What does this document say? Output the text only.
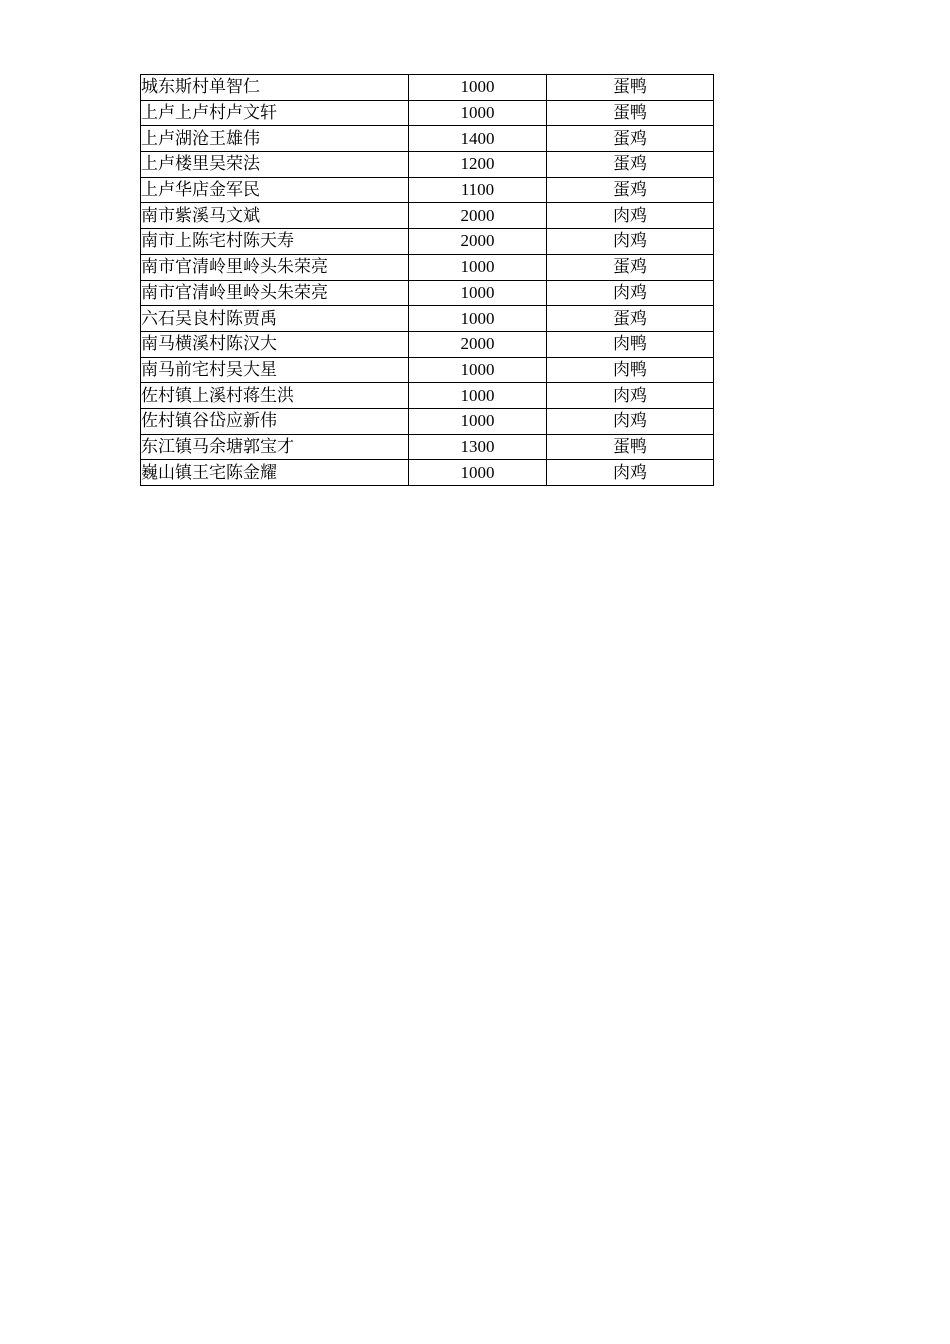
城东斯村单智仁	1000	蛋鸭
上卢上卢村卢文轩	1000	蛋鸭
上卢湖沧王雄伟	1400	蛋鸡
上卢楼里吴荣法	1200	蛋鸡
上卢华店金军民	1100	蛋鸡
南市紫溪马文斌	2000	肉鸡
南市上陈宅村陈天寿	2000	肉鸡
南市官清岭里岭头朱荣亮	1000	蛋鸡
南市官清岭里岭头朱荣亮	1000	肉鸡
六石吴良村陈贾禹	1000	蛋鸡
南马横溪村陈汉大	2000	肉鸭
南马前宅村吴大星	1000	肉鸭
佐村镇上溪村蒋生洪	1000	肉鸡
佐村镇谷岱应新伟	1000	肉鸡
东江镇马余塘郭宝才	1300	蛋鸭
巍山镇王宅陈金耀	1000	肉鸡
